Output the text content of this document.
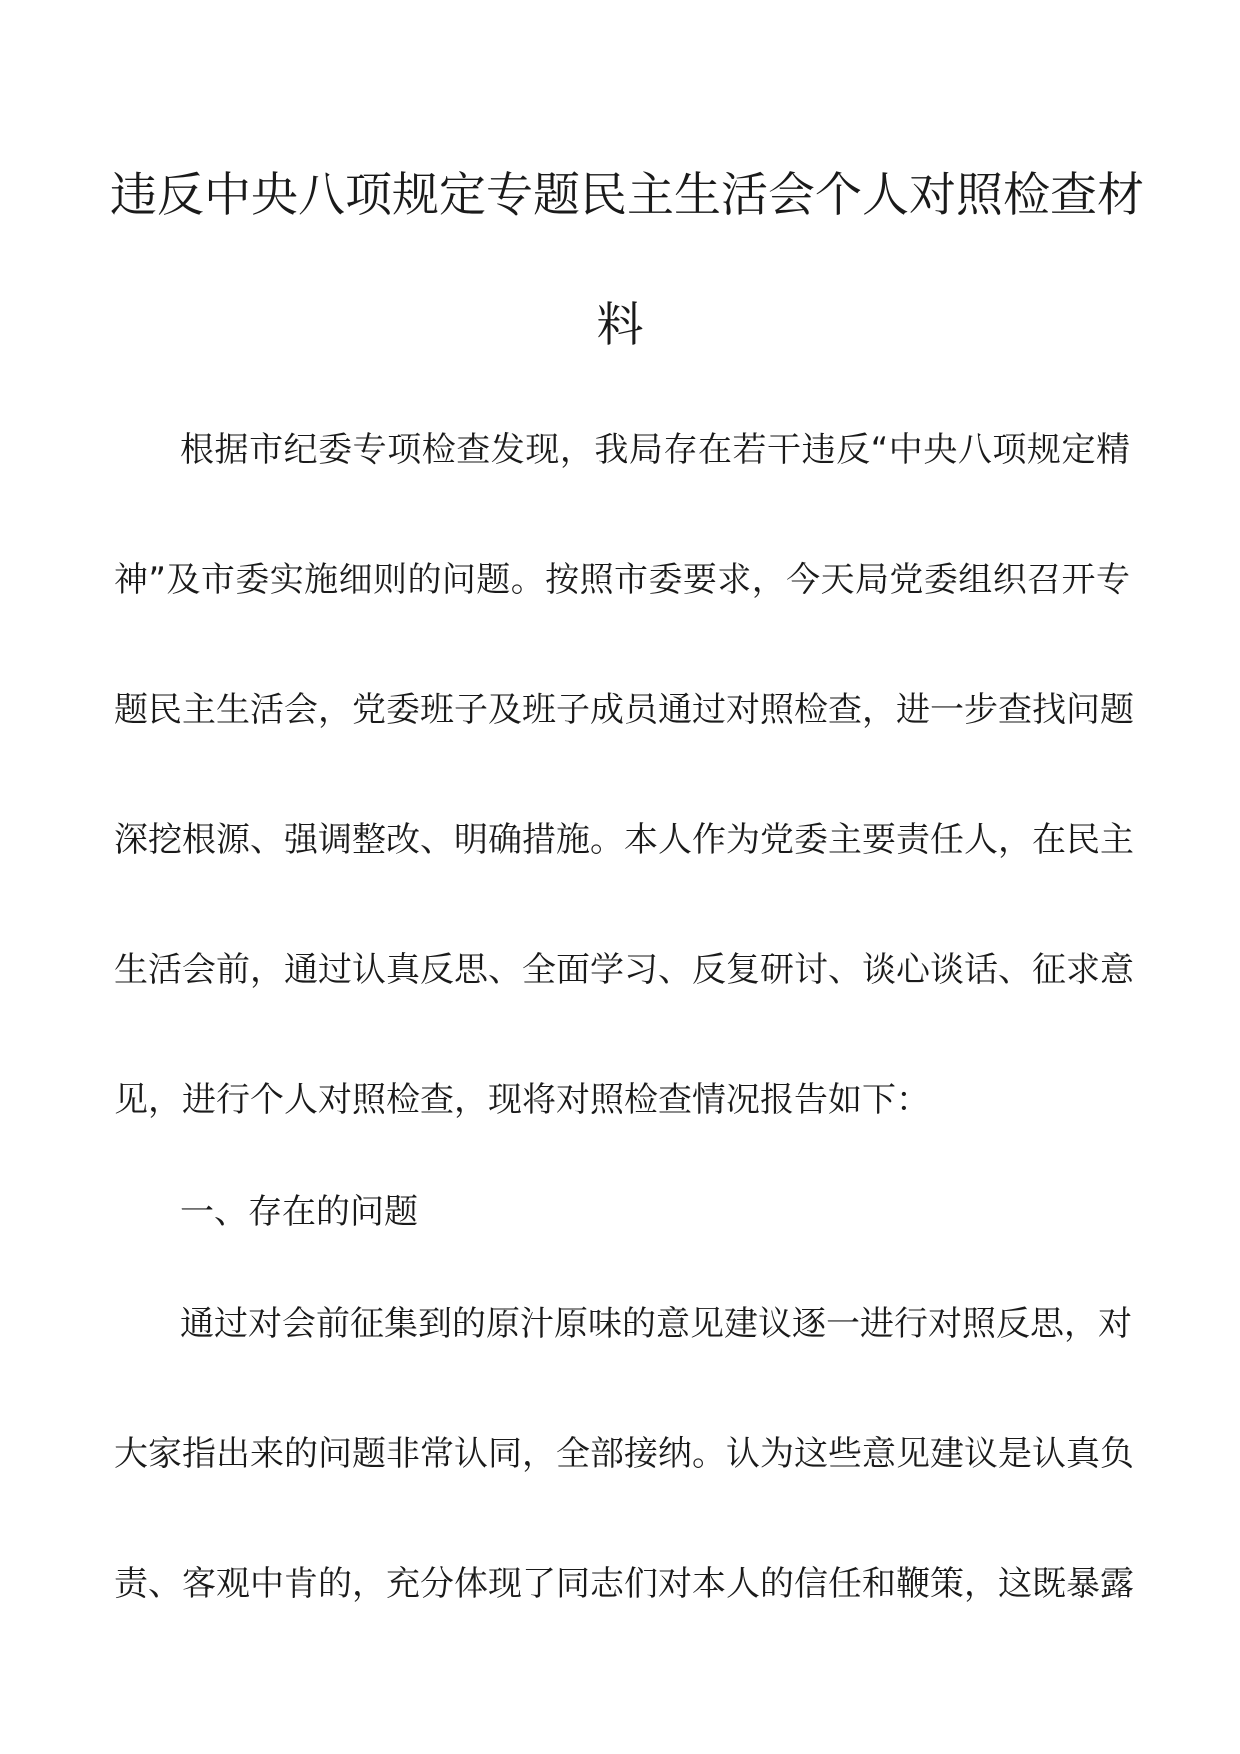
违反中央八项规定专题民主生活会个人对照检查材
料
根据市纪委专项检查发现，我局存在若干违反“中央八项规定精
神”及市委实施细则的问题。按照市委要求，今天局党委组织召开专
题民主生活会，党委班子及班子成员通过对照检查，进一步查找问题
深挖根源、强调整改、明确措施。本人作为党委主要责任人，在民主
生活会前，通过认真反思、全面学习、反复研讨、谈心谈话、征求意
见，进行个人对照检查，现将对照检查情况报告如下：
一、存在的问题
通过对会前征集到的原汁原味的意见建议逐一进行对照反思，对
大家指出来的问题非常认同，全部接纳。认为这些意见建议是认真负
责、客观中肯的，充分体现了同志们对本人的信任和鞭策，这既暴露
